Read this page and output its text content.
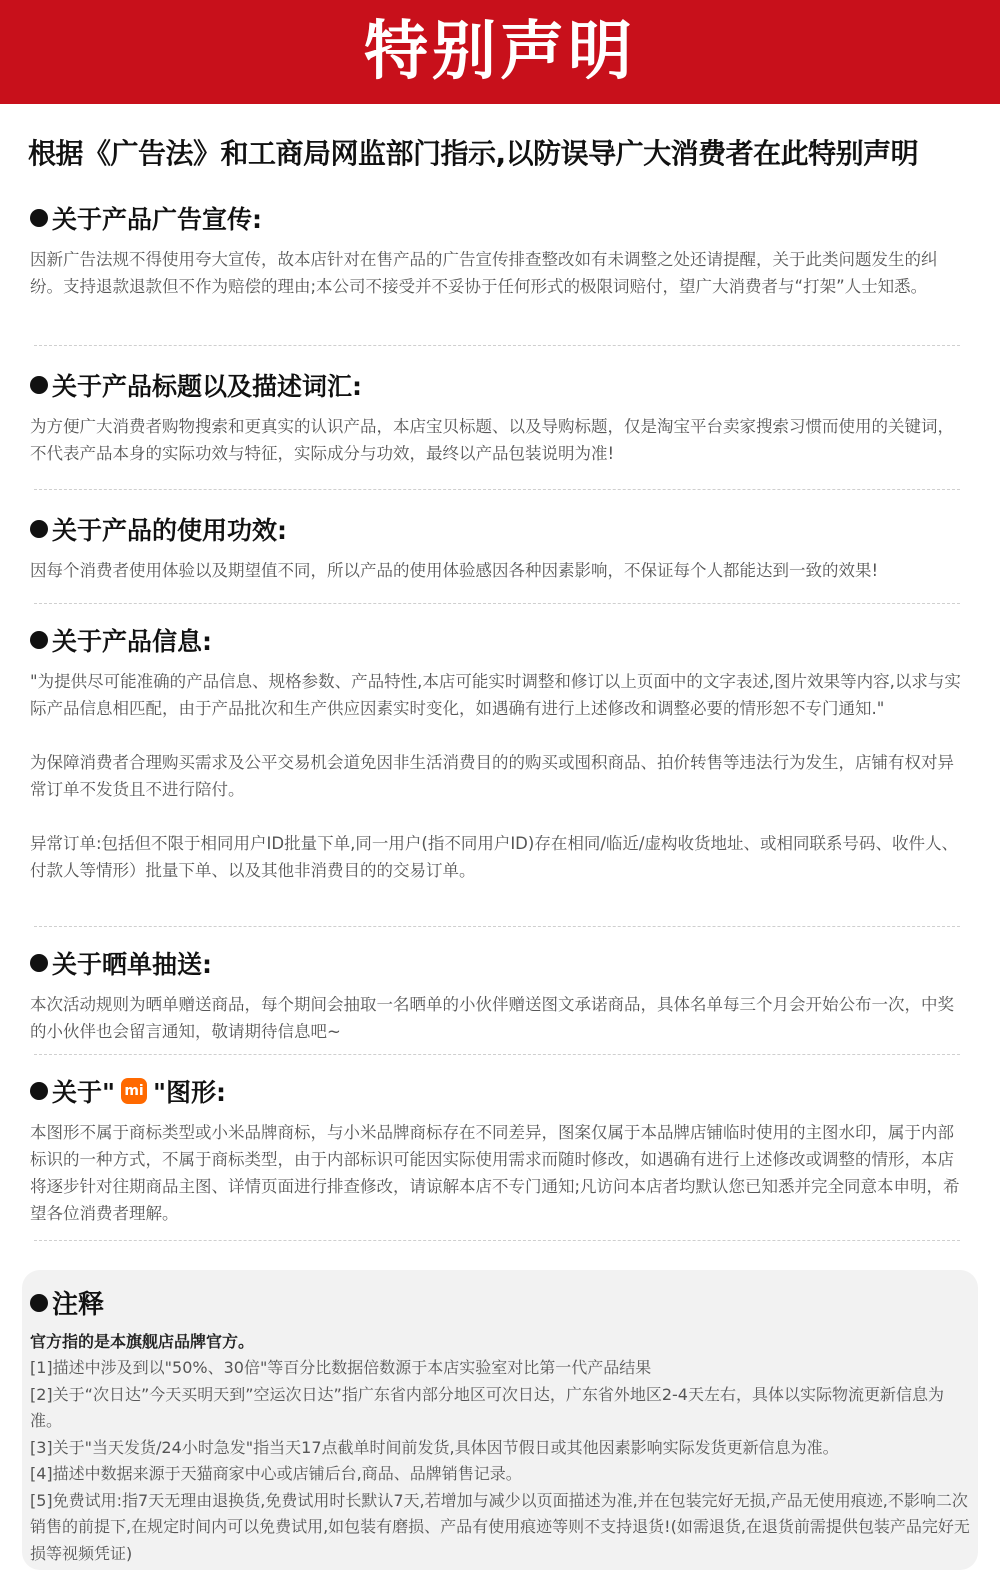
特别声明
根据《广告法》和工商局网监部门指示,以防误导广大消费者在此特别声明
关于产品广告宣传:

因新广告法规不得使用夸大宣传，故本店针对在售产品的广告宣传排查整改如有未调整之处还请提醒，关于此类问题发生的纠纷。支持退款退款但不作为赔偿的理由;本公司不接受并不妥协于任何形式的极限词赔付，望广大消费者与“打架”人士知悉。

关于产品标题以及描述词汇:

为方便广大消费者购物搜索和更真实的认识产品，本店宝贝标题、以及导购标题，仅是淘宝平台卖家搜索习惯而使用的关键词，不代表产品本身的实际功效与特征，实际成分与功效，最终以产品包装说明为准!

关于产品的使用功效:

因每个消费者使用体验以及期望值不同，所以产品的使用体验感因各种因素影响，不保证每个人都能达到一致的效果!

关于产品信息:

"为提供尽可能准确的产品信息、规格参数、产品特性,本店可能实时调整和修订以上页面中的文字表述,图片效果等内容,以求与实际产品信息相匹配，由于产品批次和生产供应因素实时变化，如遇确有进行上述修改和调整必要的情形恕不专门通知."

为保障消费者合理购买需求及公平交易机会道免因非生活消费目的的购买或囤积商品、拍价转售等违法行为发生，店铺有权对异常订单不发货且不进行陪付。

异常订单:包括但不限于相同用户ID批量下单,同一用户(指不同用户ID)存在相同/临近/虚构收货地址、或相同联系号码、收件人、付款人等情形）批量下单、以及其他非消费目的的交易订单。

关于晒单抽送:

本次活动规则为晒单赠送商品，每个期间会抽取一名晒单的小伙伴赠送图文承诺商品，具体名单每三个月会开始公布一次，中奖的小伙伴也会留言通知，敬请期待信息吧~

关于" mi "图形:

本图形不属于商标类型或小米品牌商标，与小米品牌商标存在不同差异，图案仅属于本品牌店铺临时使用的主图水印，属于内部标识的一种方式，不属于商标类型，由于内部标识可能因实际使用需求而随时修改，如遇确有进行上述修改或调整的情形，本店将逐步针对往期商品主图、详情页面进行排查修改，请谅解本店不专门通知;凡访问本店者均默认您已知悉并完全同意本申明，希望各位消费者理解。

注释
官方指的是本旗舰店品牌官方。
[1]描述中涉及到以"50%、30倍"等百分比数据倍数源于本店实验室对比第一代产品结果
[2]关于“次日达”今天买明天到”空运次日达”指广东省内部分地区可次日达，广东省外地区2-4天左右，具体以实际物流更新信息为准。
[3]关于"当天发货/24小时急发"指当天17点截单时间前发货,具体因节假日或其他因素影响实际发货更新信息为准。
[4]描述中数据来源于天猫商家中心或店铺后台,商品、品牌销售记录。
[5]免费试用:指7天无理由退换货,免费试用时长默认7天,若增加与减少以页面描述为准,并在包装完好无损,产品无使用痕迹,不影响二次销售的前提下,在规定时间内可以免费试用,如包装有磨损、产品有使用痕迹等则不支持退货!(如需退货,在退货前需提供包装产品完好无损等视频凭证)
